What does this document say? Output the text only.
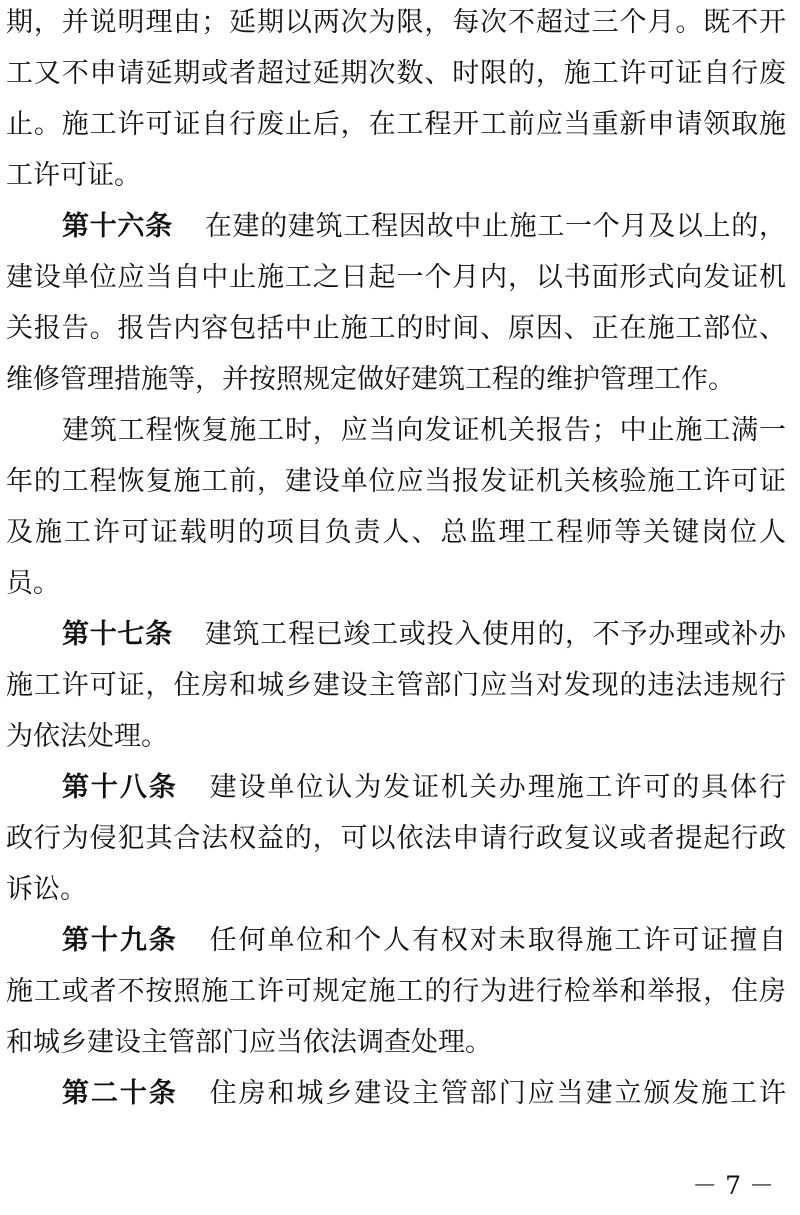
期，并说明理由；延期以两次为限，每次不超过三个月。既不开
工又不申请延期或者超过延期次数、时限的，施工许可证自行废
止。施工许可证自行废止后，在工程开工前应当重新申请领取施
工许可证。
第十六条 在建的建筑工程因故中止施工一个月及以上的，
建设单位应当自中止施工之日起一个月内，以书面形式向发证机
关报告。报告内容包括中止施工的时间、原因、正在施工部位、
维修管理措施等，并按照规定做好建筑工程的维护管理工作。
建筑工程恢复施工时，应当向发证机关报告；中止施工满一
年的工程恢复施工前，建设单位应当报发证机关核验施工许可证
及施工许可证载明的项目负责人、总监理工程师等关键岗位人
员。
第十七条 建筑工程已竣工或投入使用的，不予办理或补办
施工许可证，住房和城乡建设主管部门应当对发现的违法违规行
为依法处理。
第十八条 建设单位认为发证机关办理施工许可的具体行
政行为侵犯其合法权益的，可以依法申请行政复议或者提起行政
诉讼。
第十九条 任何单位和个人有权对未取得施工许可证擅自
施工或者不按照施工许可规定施工的行为进行检举和举报，住房
和城乡建设主管部门应当依法调查处理。
第二十条 住房和城乡建设主管部门应当建立颁发施工许
－ 7 －
